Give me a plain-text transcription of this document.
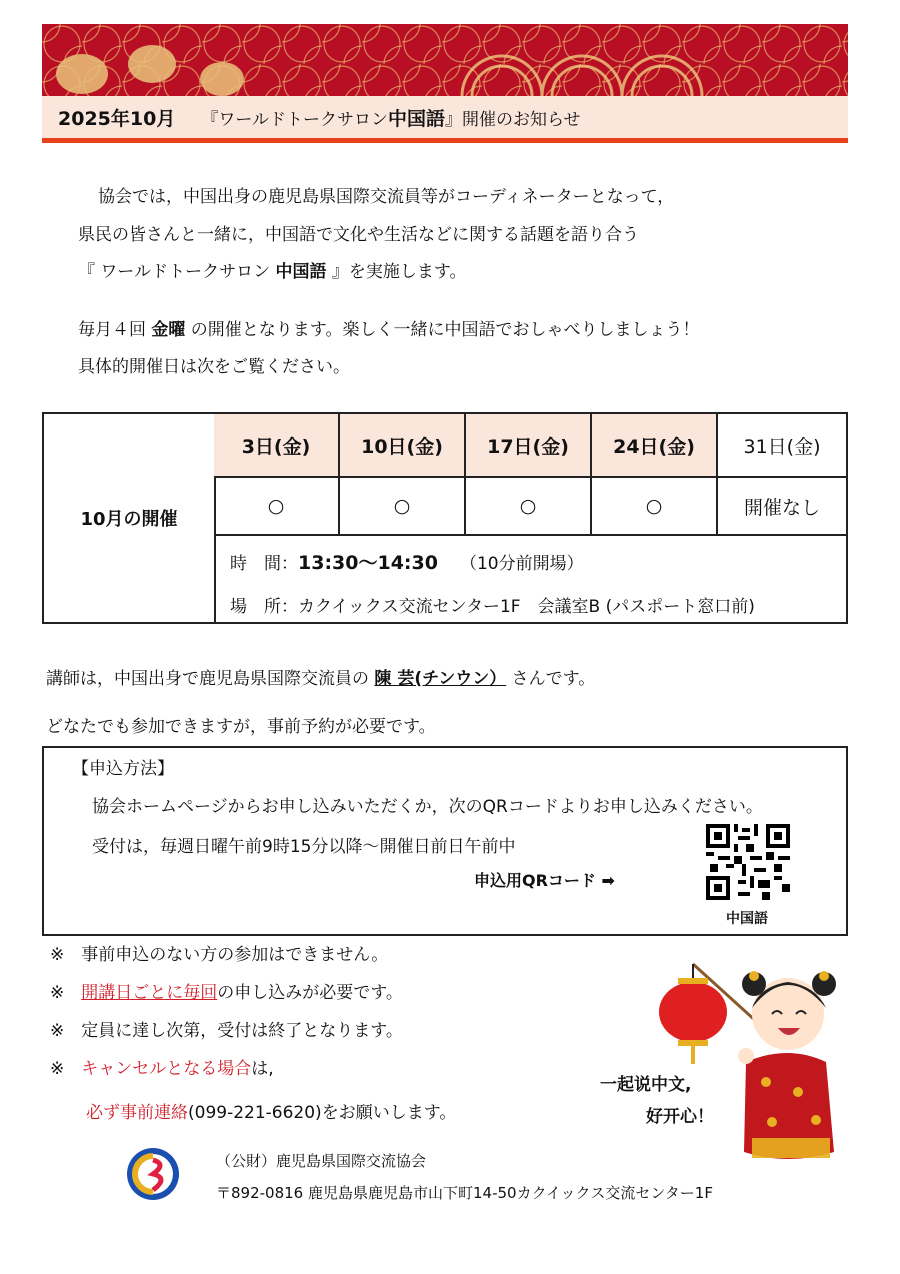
2025年10月 『ワールドトークサロン 中国語 』開催のお知らせ
協会では，中国出身の鹿児島県国際交流員等がコーディネーターとなって，
県民の皆さんと一緒に，中国語で文化や生活などに関する話題を語り合う
『 ワールドトークサロン 中国語 』を実施します。
毎月４回 金曜 の開催となります。楽しく一緒に中国語でおしゃべりしましょう！
具体的開催日は次をご覧ください。
10月の開催
3日(金)	10日(金)	17日(金)	24日(金)	31日(金)
○	○	○	○	開催なし
時　間：13:30〜14:30 （10分前開場）
場　所：カクイックス交流センター1F　会議室B (パスポート窓口前)
講師は，中国出身で鹿児島県国際交流員の 陳 芸(チンウン） さんです。
どなたでも参加できますが，事前予約が必要です。
【申込方法】
協会ホームページからお申し込みいただくか，次のQRコードよりお申し込みください。
受付は，毎週日曜午前9時15分以降〜開催日前日午前中
申込用QRコード ➡
中国語
※　 事前申込のない方の参加はできません。
※　 開講日ごとに毎回の申し込みが必要です。
※　 定員に達し次第，受付は終了となります。
※　 キャンセルとなる場合は,
必ず事前連絡(099-221-6620)をお願いします。
一起说中文,
好开心！
（公財）鹿児島県国際交流協会
〒892-0816 鹿児島県鹿児島市山下町14-50カクイックス交流センター1F
